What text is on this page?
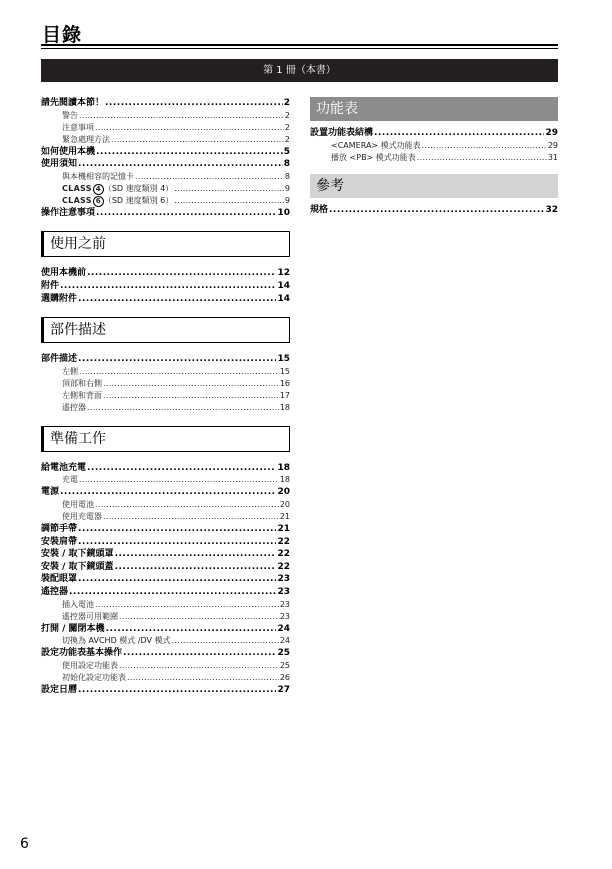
目錄
第 1 冊（本書）
請先閱讀本節！ .....	2
警告 .....	2
注意事項 .....	2
緊急處理方法 .....	2
如何使用本機 .....	5
使用須知 .....	8
與本機相容的記憶卡 .....	8
CLASS 4 （SD 速度類別 4） .....	9
CLASS 6 （SD 速度類別 6） .....	9
操作注意事項 .....	10
使用之前
使用本機前 .....	12
附件 .....	14
選購附件 .....	14
部件描述
部件描述 .....	15
左側 .....	15
頂部和右側 .....	16
左側和背面 .....	17
遙控器 .....	18
準備工作
給電池充電 .....	18
充電 .....	18
電源 .....	20
使用電池 .....	20
使用充電器 .....	21
調節手帶 .....	21
安裝肩帶 .....	22
安裝 / 取下鏡頭罩 .....	22
安裝 / 取下鏡頭蓋 .....	22
裝配眼罩 .....	23
遙控器 .....	23
插入電池 .....	23
遙控器可用範圍 .....	23
打開 / 關閉本機 .....	24
切換為 AVCHD 模式 /DV 模式 .....	24
設定功能表基本操作 .....	25
使用設定功能表 .....	25
初始化設定功能表 .....	26
設定日曆 .....	27
功能表
設置功能表結構 .....	29
<CAMERA> 模式功能表 .....	29
播放 <PB> 模式功能表 .....	31
參考
規格 .....	32
6
